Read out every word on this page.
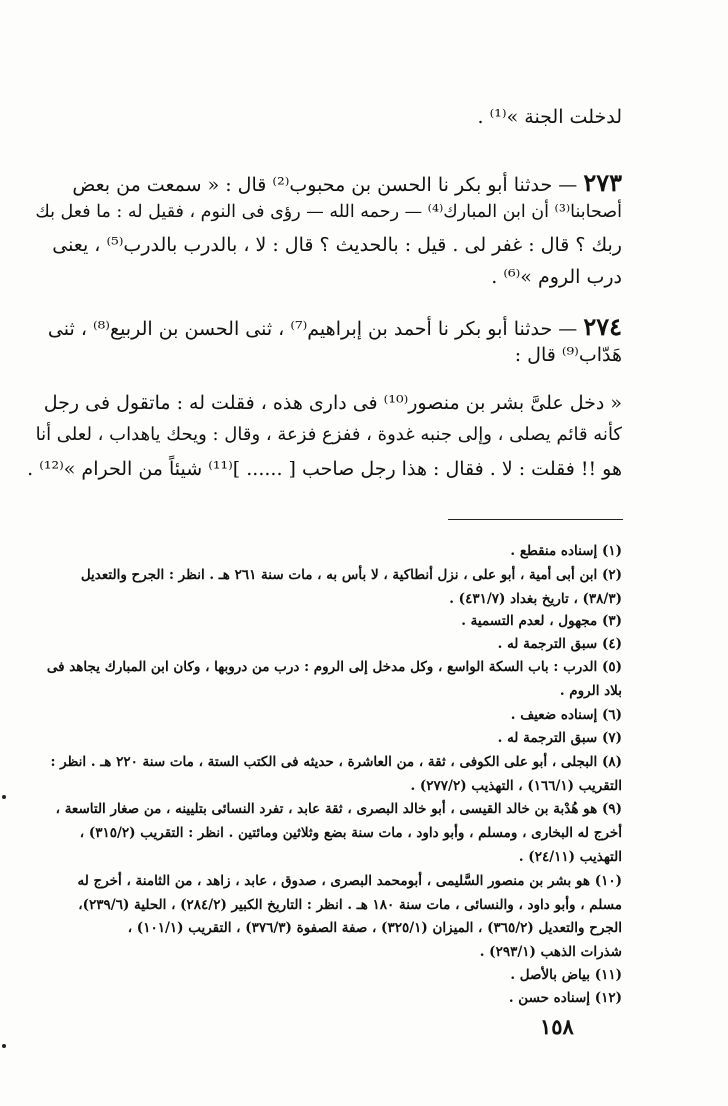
لدخلت الجنة »⁽¹⁾ .
٢٧٣ — حدثنا أبو بكر نا الحسن بن محبوب⁽²⁾ قال : « سمعت من بعض
أصحابنا⁽³⁾ أن ابن المبارك⁽⁴⁾ — رحمه الله — رؤى فى النوم ، فقيل له : ما فعل بك
ربك ؟ قال : غفر لى . قيل : بالحديث ؟ قال : لا ، بالدرب بالدرب⁽⁵⁾ ، يعنى
درب الروم »⁽⁶⁾ .
٢٧٤ — حدثنا أبو بكر نا أحمد بن إبراهيم⁽⁷⁾ ، ثنى الحسن بن الربيع⁽⁸⁾ ، ثنى
هَدّاب⁽⁹⁾ قال :
« دخل علىَّ بشر بن منصور⁽¹⁰⁾ فى دارى هذه ، فقلت له : ماتقول فى رجل
كأنه قائم يصلى ، وإلى جنبه غدوة ، ففزع فزعة ، وقال : ويحك ياهداب ، لعلى أنا
هو !! فقلت : لا . فقال : هذا رجل صاحب [ ...... ]⁽¹¹⁾ شيئاً من الحرام »⁽¹²⁾ .
(١) إسناده منقطع .
(٢) ابن أبى أمية ، أبو على ، نزل أنطاكية ، لا بأس به ، مات سنة ٢٦١ هـ . انظر : الجرح والتعديل
(٣٨/٣) ، تاريخ بغداد (٤٣١/٧) .
(٣) مجهول ، لعدم التسمية .
(٤) سبق الترجمة له .
(٥) الدرب : باب السكة الواسع ، وكل مدخل إلى الروم : درب من دروبها ، وكان ابن المبارك يجاهد فى
بلاد الروم .
(٦) إسناده ضعيف .
(٧) سبق الترجمة له .
(٨) البجلى ، أبو على الكوفى ، ثقة ، من العاشرة ، حديثه فى الكتب الستة ، مات سنة ٢٢٠ هـ . انظر :
التقريب (١٦٦/١) ، التهذيب (٢٧٧/٢) .
(٩) هو هُدْبة بن خالد القيسى ، أبو خالد البصرى ، ثقة عابد ، تفرد النسائى بتليينه ، من صغار التاسعة ،
أخرج له البخارى ، ومسلم ، وأبو داود ، مات سنة بضع وثلاثين ومائتين . انظر : التقريب (٣١٥/٢) ،
التهذيب (٢٤/١١) .
(١٠) هو بشر بن منصور السَّليمى ، أبومحمد البصرى ، صدوق ، عابد ، زاهد ، من الثامنة ، أخرج له
مسلم ، وأبو داود ، والنسائى ، مات سنة ١٨٠ هـ . انظر : التاريخ الكبير (٢٨٤/٢) ، الحلية (٢٣٩/٦)،
الجرح والتعديل (٣٦٥/٢) ، الميزان (٣٢٥/١) ، صفة الصفوة (٣٧٦/٣) ، التقريب (١٠١/١) ،
شذرات الذهب (٢٩٣/١) .
(١١) بياض بالأصل .
(١٢) إسناده حسن .
١٥٨
